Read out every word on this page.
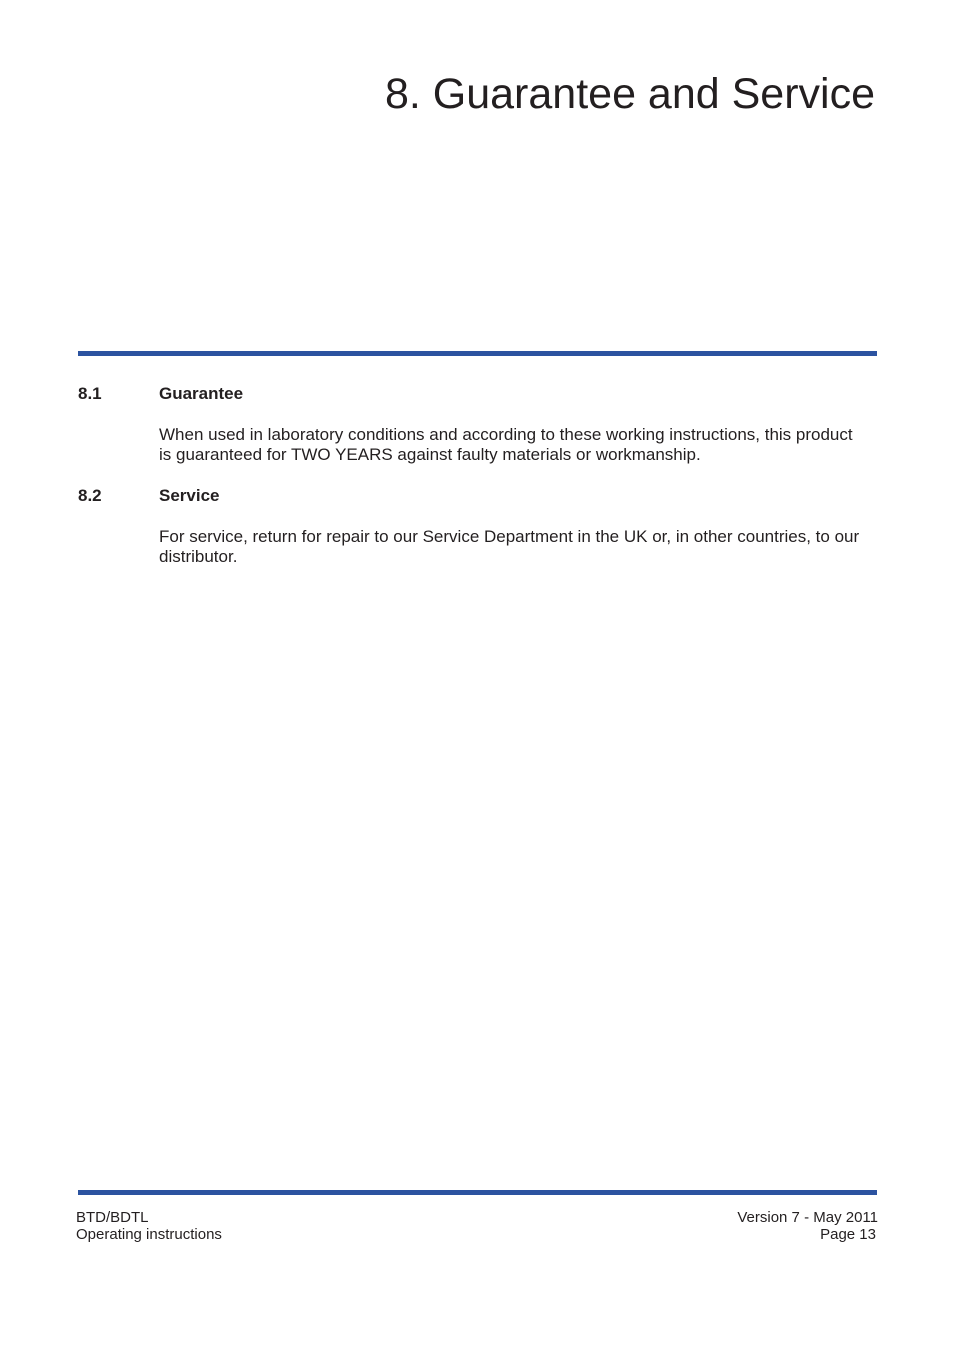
8. Guarantee and Service
8.1	Guarantee

When used in laboratory conditions and according to these working instructions, this product is guaranteed for TWO YEARS against faulty materials or workmanship.

8.2	Service

For service, return for repair to our Service Department in the UK or, in other countries, to our distributor.

BTD/BDTL
Operating instructions
Version 7 - May 2011
Page 13
